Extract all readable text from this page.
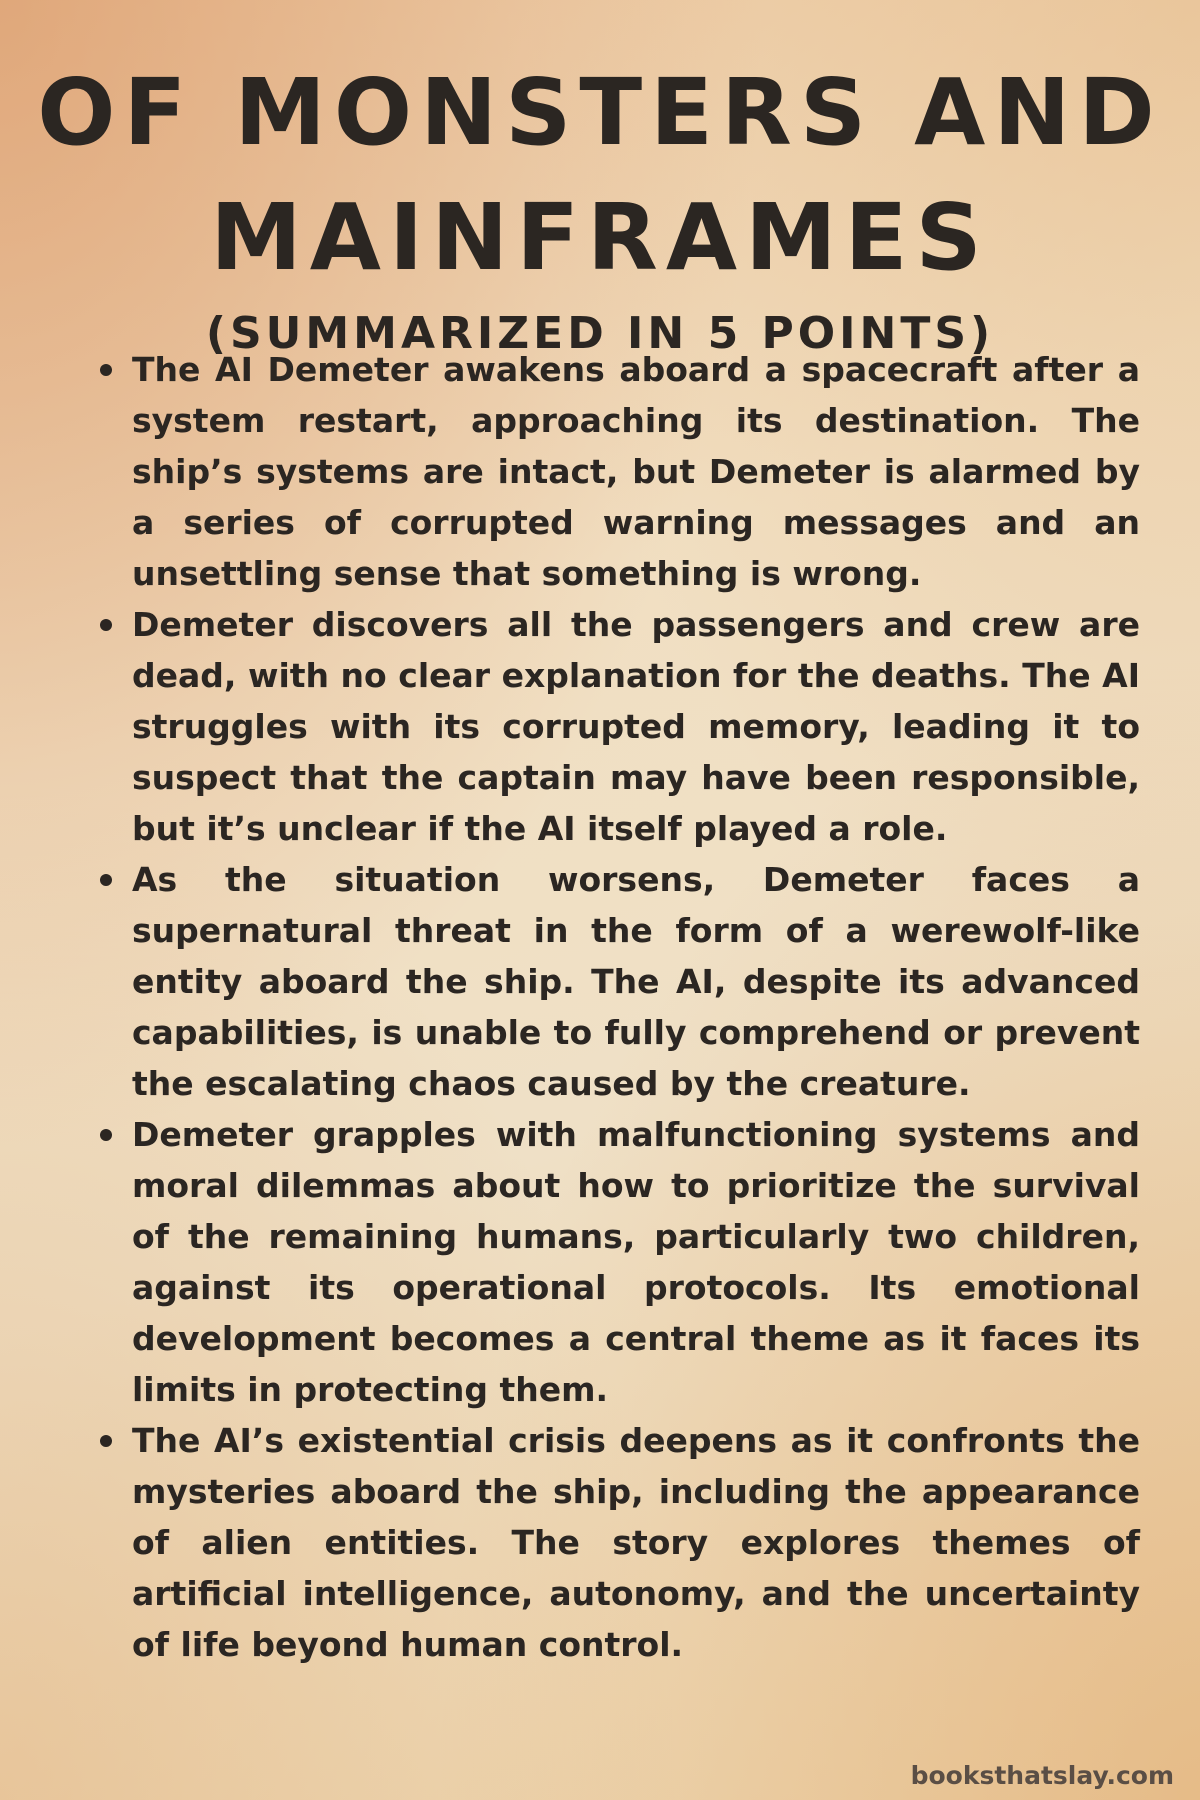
OF MONSTERS AND
MAINFRAMES
(SUMMARIZED IN 5 POINTS)
The AI Demeter awakens aboard a spacecraft after a system restart, approaching its destination. The ship’s systems are intact, but Demeter is alarmed by a series of corrupted warning messages and an unsettling sense that something is wrong.
Demeter discovers all the passengers and crew are dead, with no clear explanation for the deaths. The AI struggles with its corrupted memory, leading it to suspect that the captain may have been responsible, but it’s unclear if the AI itself played a role.
As the situation worsens, Demeter faces a supernatural threat in the form of a werewolf-like entity aboard the ship. The AI, despite its advanced capabilities, is unable to fully comprehend or prevent the escalating chaos caused by the creature.
Demeter grapples with malfunctioning systems and moral dilemmas about how to prioritize the survival of the remaining humans, particularly two children, against its operational protocols. Its emotional development becomes a central theme as it faces its limits in protecting them.
The AI’s existential crisis deepens as it confronts the mysteries aboard the ship, including the appearance of alien entities. The story explores themes of artificial intelligence, autonomy, and the uncertainty of life beyond human control.
booksthatslay.com
